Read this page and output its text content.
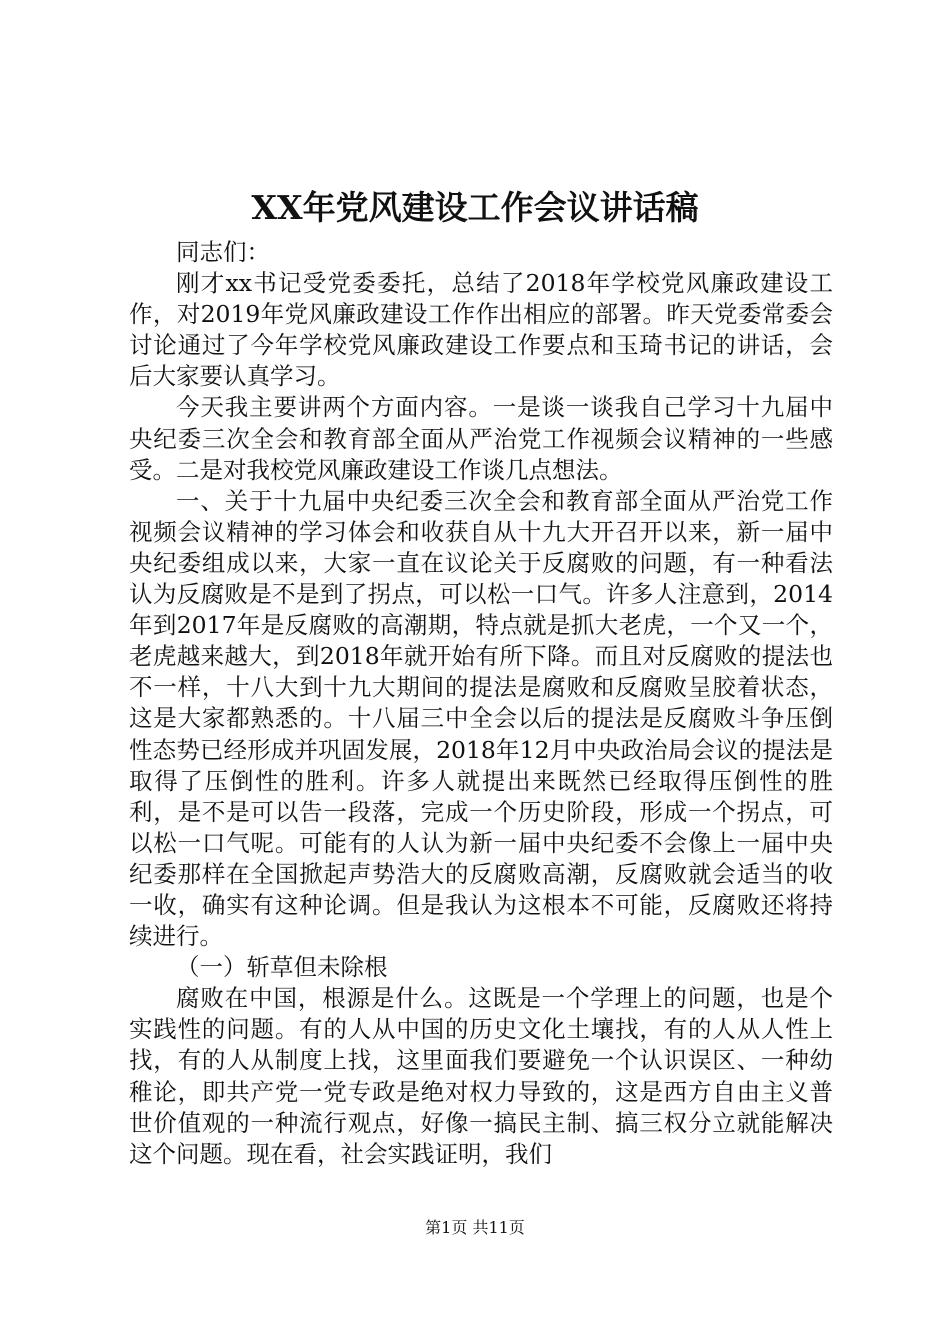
XX年党风建设工作会议讲话稿

同志们：

刚才xx书记受党委委托，总结了2018年学校党风廉政建设工作，对2019年党风廉政建设工作作出相应的部署。昨天党委常委会讨论通过了今年学校党风廉政建设工作要点和玉琦书记的讲话，会后大家要认真学习。

今天我主要讲两个方面内容。一是谈一谈我自己学习十九届中央纪委三次全会和教育部全面从严治党工作视频会议精神的一些感受。二是对我校党风廉政建设工作谈几点想法。

一、关于十九届中央纪委三次全会和教育部全面从严治党工作视频会议精神的学习体会和收获自从十九大开召开以来，新一届中央纪委组成以来，大家一直在议论关于反腐败的问题，有一种看法认为反腐败是不是到了拐点，可以松一口气。许多人注意到，2014年到2017年是反腐败的高潮期，特点就是抓大老虎，一个又一个，老虎越来越大，到2018年就开始有所下降。而且对反腐败的提法也不一样，十八大到十九大期间的提法是腐败和反腐败呈胶着状态，这是大家都熟悉的。十八届三中全会以后的提法是反腐败斗争压倒性态势已经形成并巩固发展，2018年12月中央政治局会议的提法是取得了压倒性的胜利。许多人就提出来既然已经取得压倒性的胜利，是不是可以告一段落，完成一个历史阶段，形成一个拐点，可以松一口气呢。可能有的人认为新一届中央纪委不会像上一届中央纪委那样在全国掀起声势浩大的反腐败高潮，反腐败就会适当的收一收，确实有这种论调。但是我认为这根本不可能，反腐败还将持续进行。

（一）斩草但未除根

腐败在中国，根源是什么。这既是一个学理上的问题，也是个实践性的问题。有的人从中国的历史文化土壤找，有的人从人性上找，有的人从制度上找，这里面我们要避免一个认识误区、一种幼稚论，即共产党一党专政是绝对权力导致的，这是西方自由主义普世价值观的一种流行观点，好像一搞民主制、搞三权分立就能解决这个问题。现在看，社会实践证明，我们

第1页 共11页
